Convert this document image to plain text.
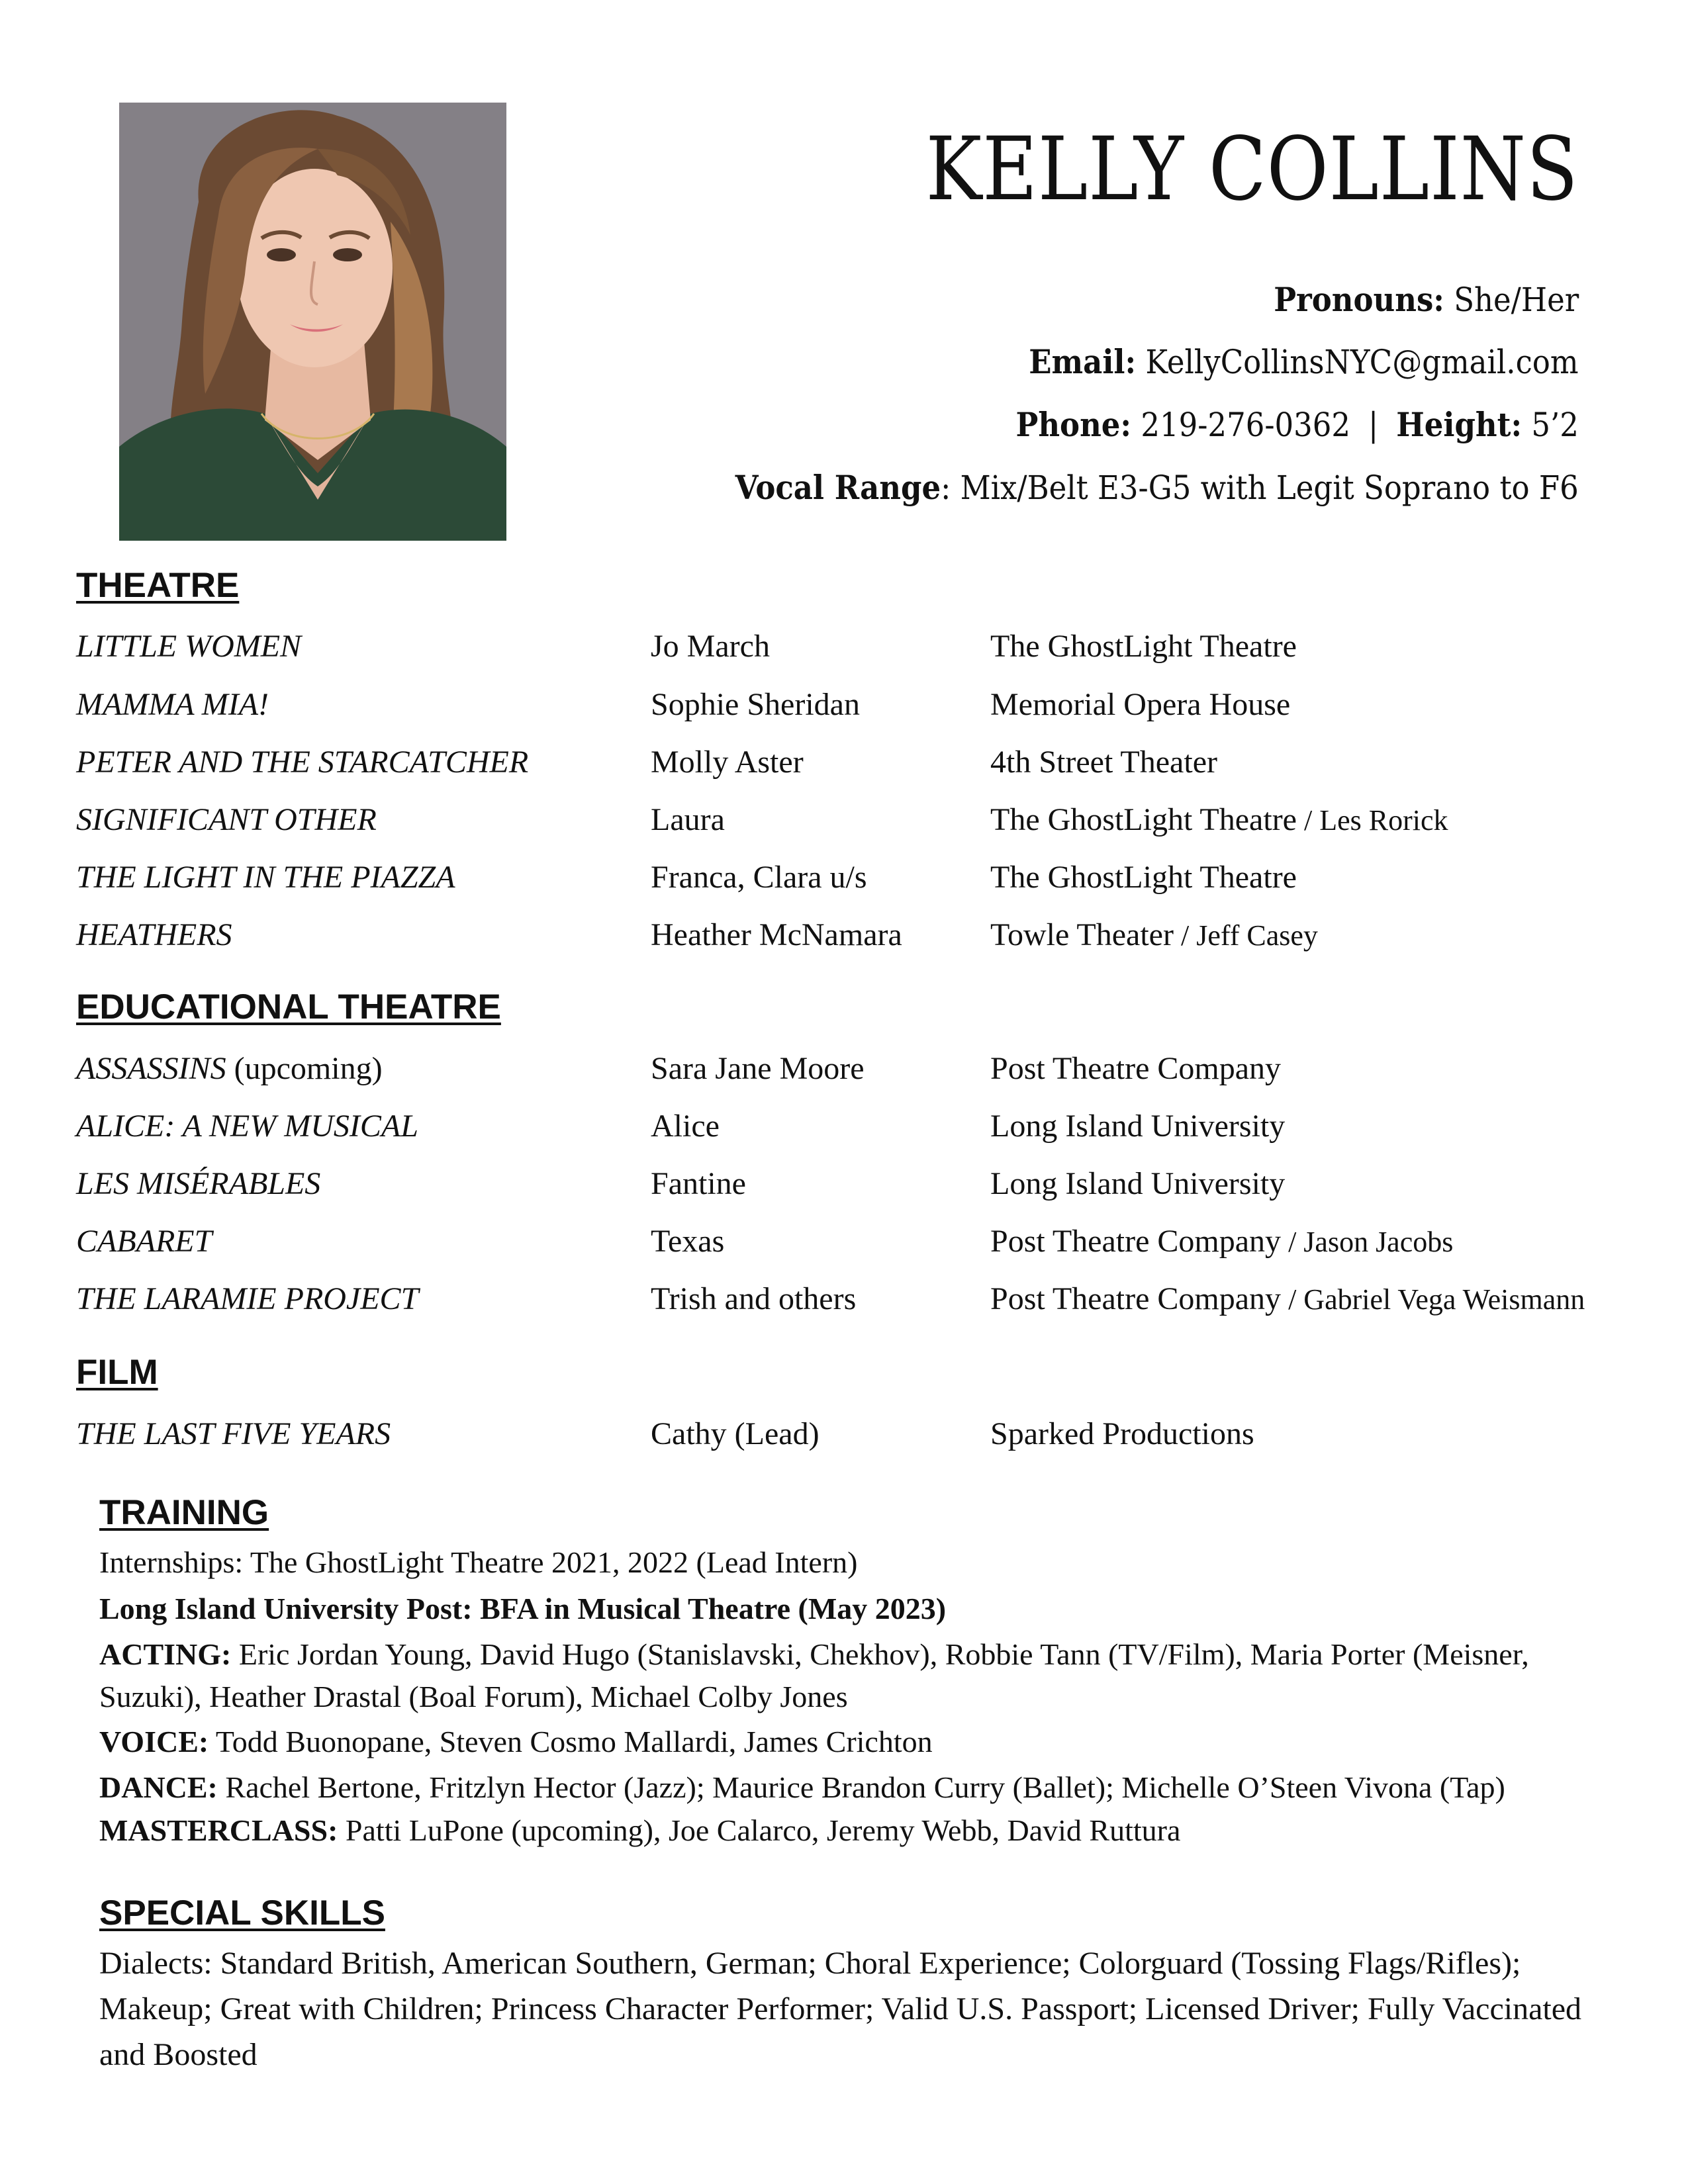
KELLY COLLINS
Pronouns: She/Her
Email: KellyCollinsNYC@gmail.com
Phone: 219-276-0362 | Height: 5’2
Vocal Range: Mix/Belt E3-G5 with Legit Soprano to F6
THEATRE
LITTLE WOMEN	Jo March	The GhostLight Theatre
MAMMA MIA!	Sophie Sheridan	Memorial Opera House
PETER AND THE STARCATCHER	Molly Aster	4th Street Theater
SIGNIFICANT OTHER	Laura	The GhostLight Theatre / Les Rorick
THE LIGHT IN THE PIAZZA	Franca, Clara u/s	The GhostLight Theatre
HEATHERS	Heather McNamara	Towle Theater / Jeff Casey
EDUCATIONAL THEATRE
ASSASSINS (upcoming)	Sara Jane Moore	Post Theatre Company
ALICE: A NEW MUSICAL	Alice	Long Island University
LES MISÉRABLES	Fantine	Long Island University
CABARET	Texas	Post Theatre Company / Jason Jacobs
THE LARAMIE PROJECT	Trish and others	Post Theatre Company / Gabriel Vega Weismann
FILM
THE LAST FIVE YEARS	Cathy (Lead)	Sparked Productions
TRAINING
Internships: The GhostLight Theatre 2021, 2022 (Lead Intern)
Long Island University Post: BFA in Musical Theatre (May 2023)
ACTING: Eric Jordan Young, David Hugo (Stanislavski, Chekhov), Robbie Tann (TV/Film), Maria Porter (Meisner,
Suzuki), Heather Drastal (Boal Forum), Michael Colby Jones
VOICE: Todd Buonopane, Steven Cosmo Mallardi, James Crichton
DANCE: Rachel Bertone, Fritzlyn Hector (Jazz); Maurice Brandon Curry (Ballet); Michelle O’Steen Vivona (Tap)
MASTERCLASS: Patti LuPone (upcoming), Joe Calarco, Jeremy Webb, David Ruttura
SPECIAL SKILLS
Dialects: Standard British, American Southern, German; Choral Experience; Colorguard (Tossing Flags/Rifles); Makeup; Great with Children; Princess Character Performer; Valid U.S. Passport; Licensed Driver; Fully Vaccinated and Boosted
